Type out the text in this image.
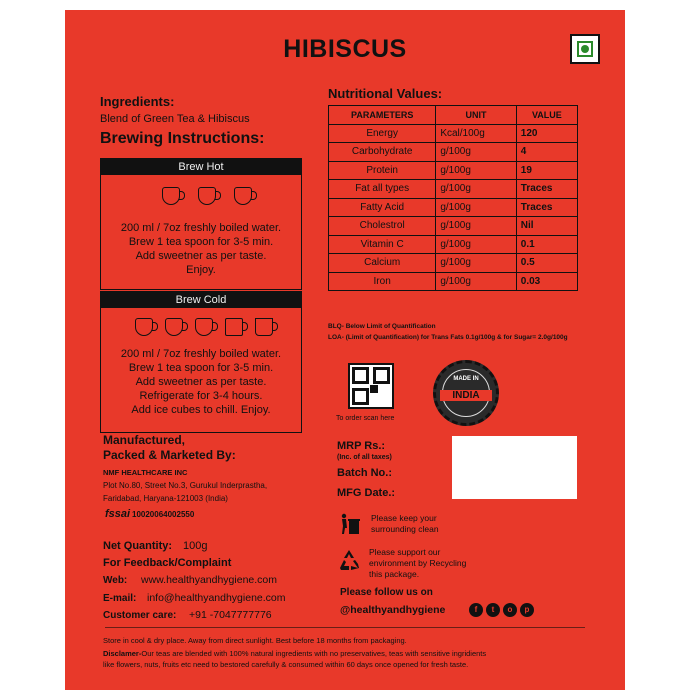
HIBISCUS
Ingredients:
Blend of Green Tea & Hibiscus
Brewing Instructions:
Brew Hot
200 ml / 7oz freshly boiled water.
Brew 1 tea spoon for 3-5 min.
Add sweetner as per taste.
Enjoy.
Brew Cold
200 ml / 7oz freshly boiled water.
Brew 1 tea spoon for 3-5 min.
Add sweetner as per taste.
Refrigerate for 3-4 hours.
Add ice cubes to chill. Enjoy.
Nutritional Values:
PARAMETERS	UNIT	VALUE
Energy	Kcal/100g	120
Carbohydrate	g/100g	4
Protein	g/100g	19
Fat all types	g/100g	Traces
Fatty Acid	g/100g	Traces
Cholestrol	g/100g	Nil
Vitamin C	g/100g	0.1
Calcium	g/100g	0.5
Iron	g/100g	0.03
BLQ- Below Limit of Quantification
LOA- (Limit of Quantification) for Trans Fats 0.1g/100g & for Sugar= 2.0g/100g
To order scan here
MADE IN
INDIA
Manufactured,
Packed & Marketed By:
NMF HEALTHCARE INC
Plot No.80, Street No.3, Gurukul Inderprastha,
Faridabad, Haryana-121003 (India)
fssai 10020064002550
Net Quantity: 100g
For Feedback/Complaint
Web: www.healthyandhygiene.com
E-mail: info@healthyandhygiene.com
Customer care: +91 -7047777776
MRP Rs.:
(Inc. of all taxes)
Batch No.:
MFG Date.:
Please keep your
surrounding clean
Please support our
environment by Recycling
this package.
Please follow us on
@healthyandhygiene	f	t	o	p
Store in cool & dry place. Away from direct sunlight. Best before 18 months from packaging.
Disclamer-Our teas are blended with 100% natural ingredients with no preservatives, teas with sensitive ingridients
like flowers, nuts, fruits etc need to bestored carefully & consumed within 60 days once opened for fresh taste.
